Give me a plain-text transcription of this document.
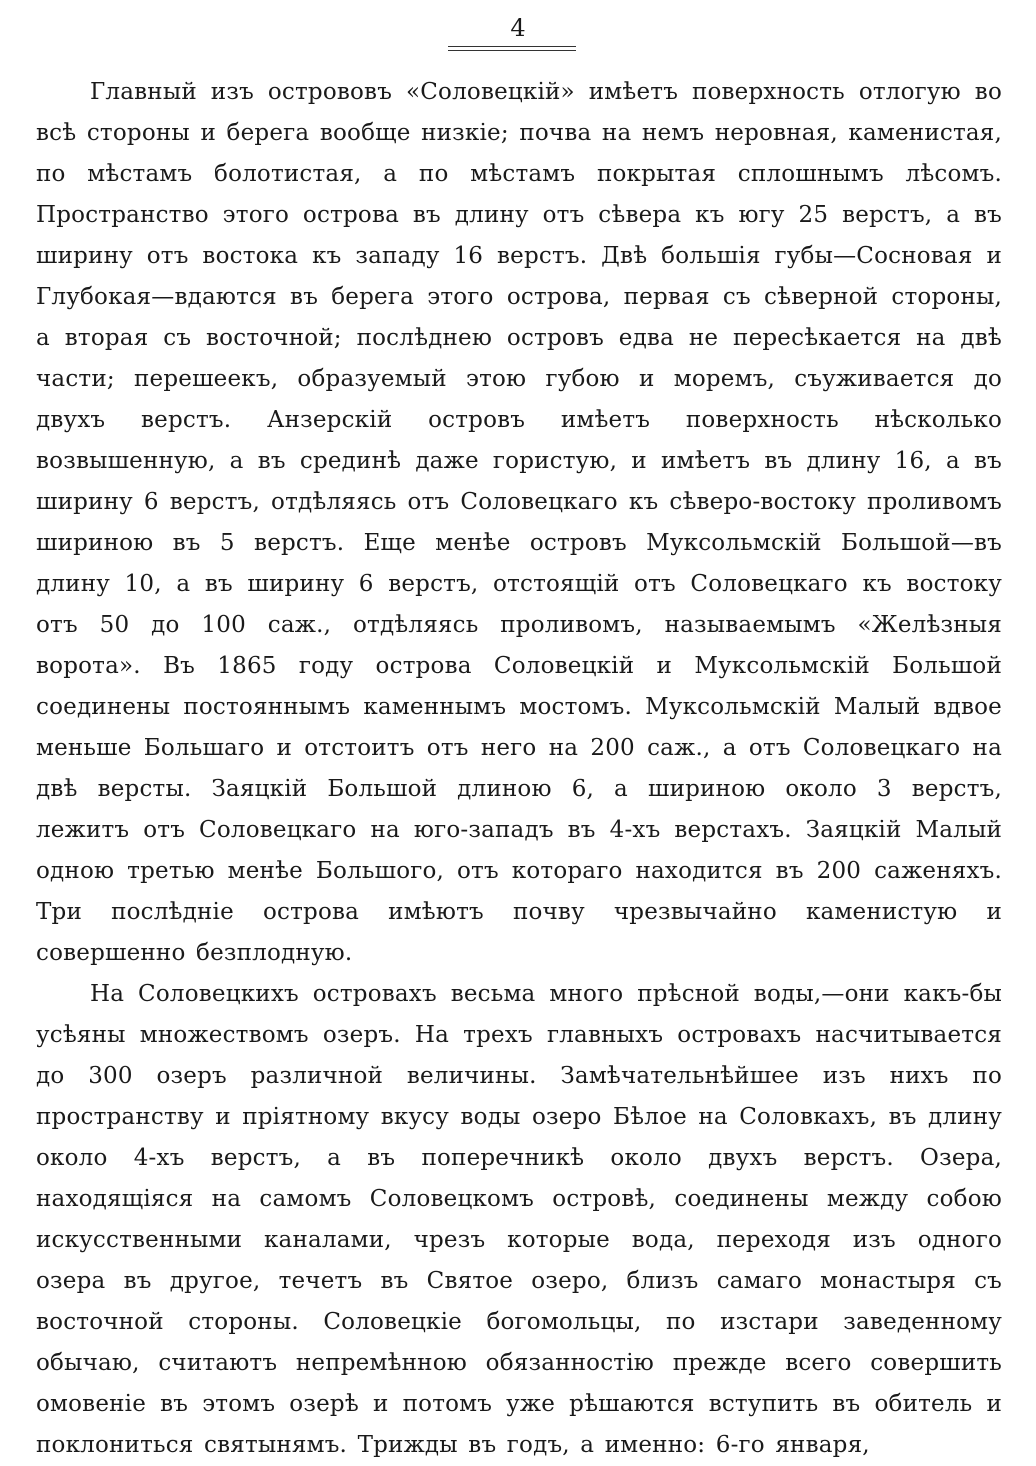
4

Главный изъ острововъ «Соловецкій» имѣетъ поверхность отлогую во всѣ стороны и берега вообще низкіе; почва на немъ неровная, каменистая, по мѣстамъ болотистая, а по мѣстамъ покрытая сплошнымъ лѣсомъ. Пространство этого острова въ длину отъ сѣвера къ югу 25 верстъ, а въ ширину отъ востока къ западу 16 верстъ. Двѣ большія губы—Сосновая и Глубокая—вдаются въ берега этого острова, первая съ сѣверной стороны, а вторая съ восточной; послѣднею островъ едва не пересѣкается на двѣ части; перешеекъ, образуемый этою губою и моремъ, съуживается до двухъ верстъ. Анзерскій островъ имѣетъ поверхность нѣсколько возвышенную, а въ срединѣ даже гористую, и имѣетъ въ длину 16, а въ ширину 6 верстъ, отдѣляясь отъ Соловецкаго къ сѣверо-востоку проливомъ шириною въ 5 верстъ. Еще менѣе островъ Муксольмскій Большой—въ длину 10, а въ ширину 6 верстъ, отстоящій отъ Соловецкаго къ востоку отъ 50 до 100 саж., отдѣляясь проливомъ, называемымъ «Желѣзныя ворота». Въ 1865 году острова Соловецкій и Муксольмскій Большой соединены постояннымъ каменнымъ мостомъ. Муксольмскій Малый вдвое меньше Большаго и отстоитъ отъ него на 200 саж., а отъ Соловецкаго на двѣ версты. Заяцкій Большой длиною 6, а шириною около 3 верстъ, лежитъ отъ Соловецкаго на юго-западъ въ 4-хъ верстахъ. Заяцкій Малый одною третью менѣе Большого, отъ котораго находится въ 200 саженяхъ. Три послѣдніе острова имѣютъ почву чрезвычайно каменистую и совершенно безплодную.

На Соловецкихъ островахъ весьма много прѣсной воды,—они какъ-бы усѣяны множествомъ озеръ. На трехъ главныхъ островахъ насчитывается до 300 озеръ различной величины. Замѣчательнѣйшее изъ нихъ по пространству и пріятному вкусу воды озеро Бѣлое на Соловкахъ, въ длину около 4-хъ верстъ, а въ поперечникѣ около двухъ верстъ. Озера, находящіяся на самомъ Соловецкомъ островѣ, соединены между собою искусственными каналами, чрезъ которые вода, переходя изъ одного озера въ другое, течетъ въ Святое озеро, близъ самаго монастыря съ восточной стороны. Соловецкіе богомольцы, по изстари заведенному обычаю, считаютъ непремѣнною обязанностію прежде всего совершить омовеніе въ этомъ озерѣ и потомъ уже рѣшаются вступить въ обитель и поклониться святынямъ. Трижды въ годъ, а именно: 6-го января,
